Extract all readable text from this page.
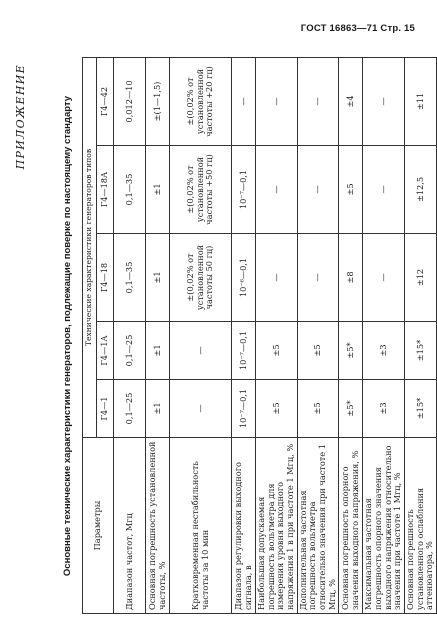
ГОСТ 16863—71 Стр. 15
ПРИЛОЖЕНИЕ	Основные технические характеристики генераторов, подлежащие поверке по настоящему стандарту	Параметры	Технические характеристики генераторов типов				
	Г4—1	Г4—1А	Г4—18	Г4—18А	Г4—42
Диапазон частот, Мгц	0,1—25	0,1—25	0,1—35	0,1—35	0,012—10
Основная погрешность установленной частоты, %	±1	±1	±1	±1	±(1—1,5)
Кратковременная нестабильность частоты за 10 мин	—	—	±(0,02% от установленной частоты 50 гц)	±(0,02% от установленной частоты +50 гц)	±(0,02% от установленной частоты +20 гц)
Диапазон регулировки выходного сигнала, в	10⁻⁷—0,1	10⁻⁷—0,1	10⁻⁶—0,1	10⁻⁷—0,1	—
Наибольшая допускаемая погрешность вольтметра для измерения уровня выходного напряжения 1 в при частоте 1 Мгц, %	±5	±5	—	—	—
Дополнительная частотная погрешность вольтметра относительно значения при частоте 1 Мгц, %	±5	±5	—	—	—
Основная погрешность опорного значения выходного напряжения, %	±5*	±5*	±8	±5	±4
Максимальная частотная погрешность опорного значения выходного напряжения относительно значения при частоте 1 Мгц, %	±3	±3	—	—	—
Основная погрешность установленного ослабления аттенюатора, %	±15*	±15*	±12	±12,5	±11
